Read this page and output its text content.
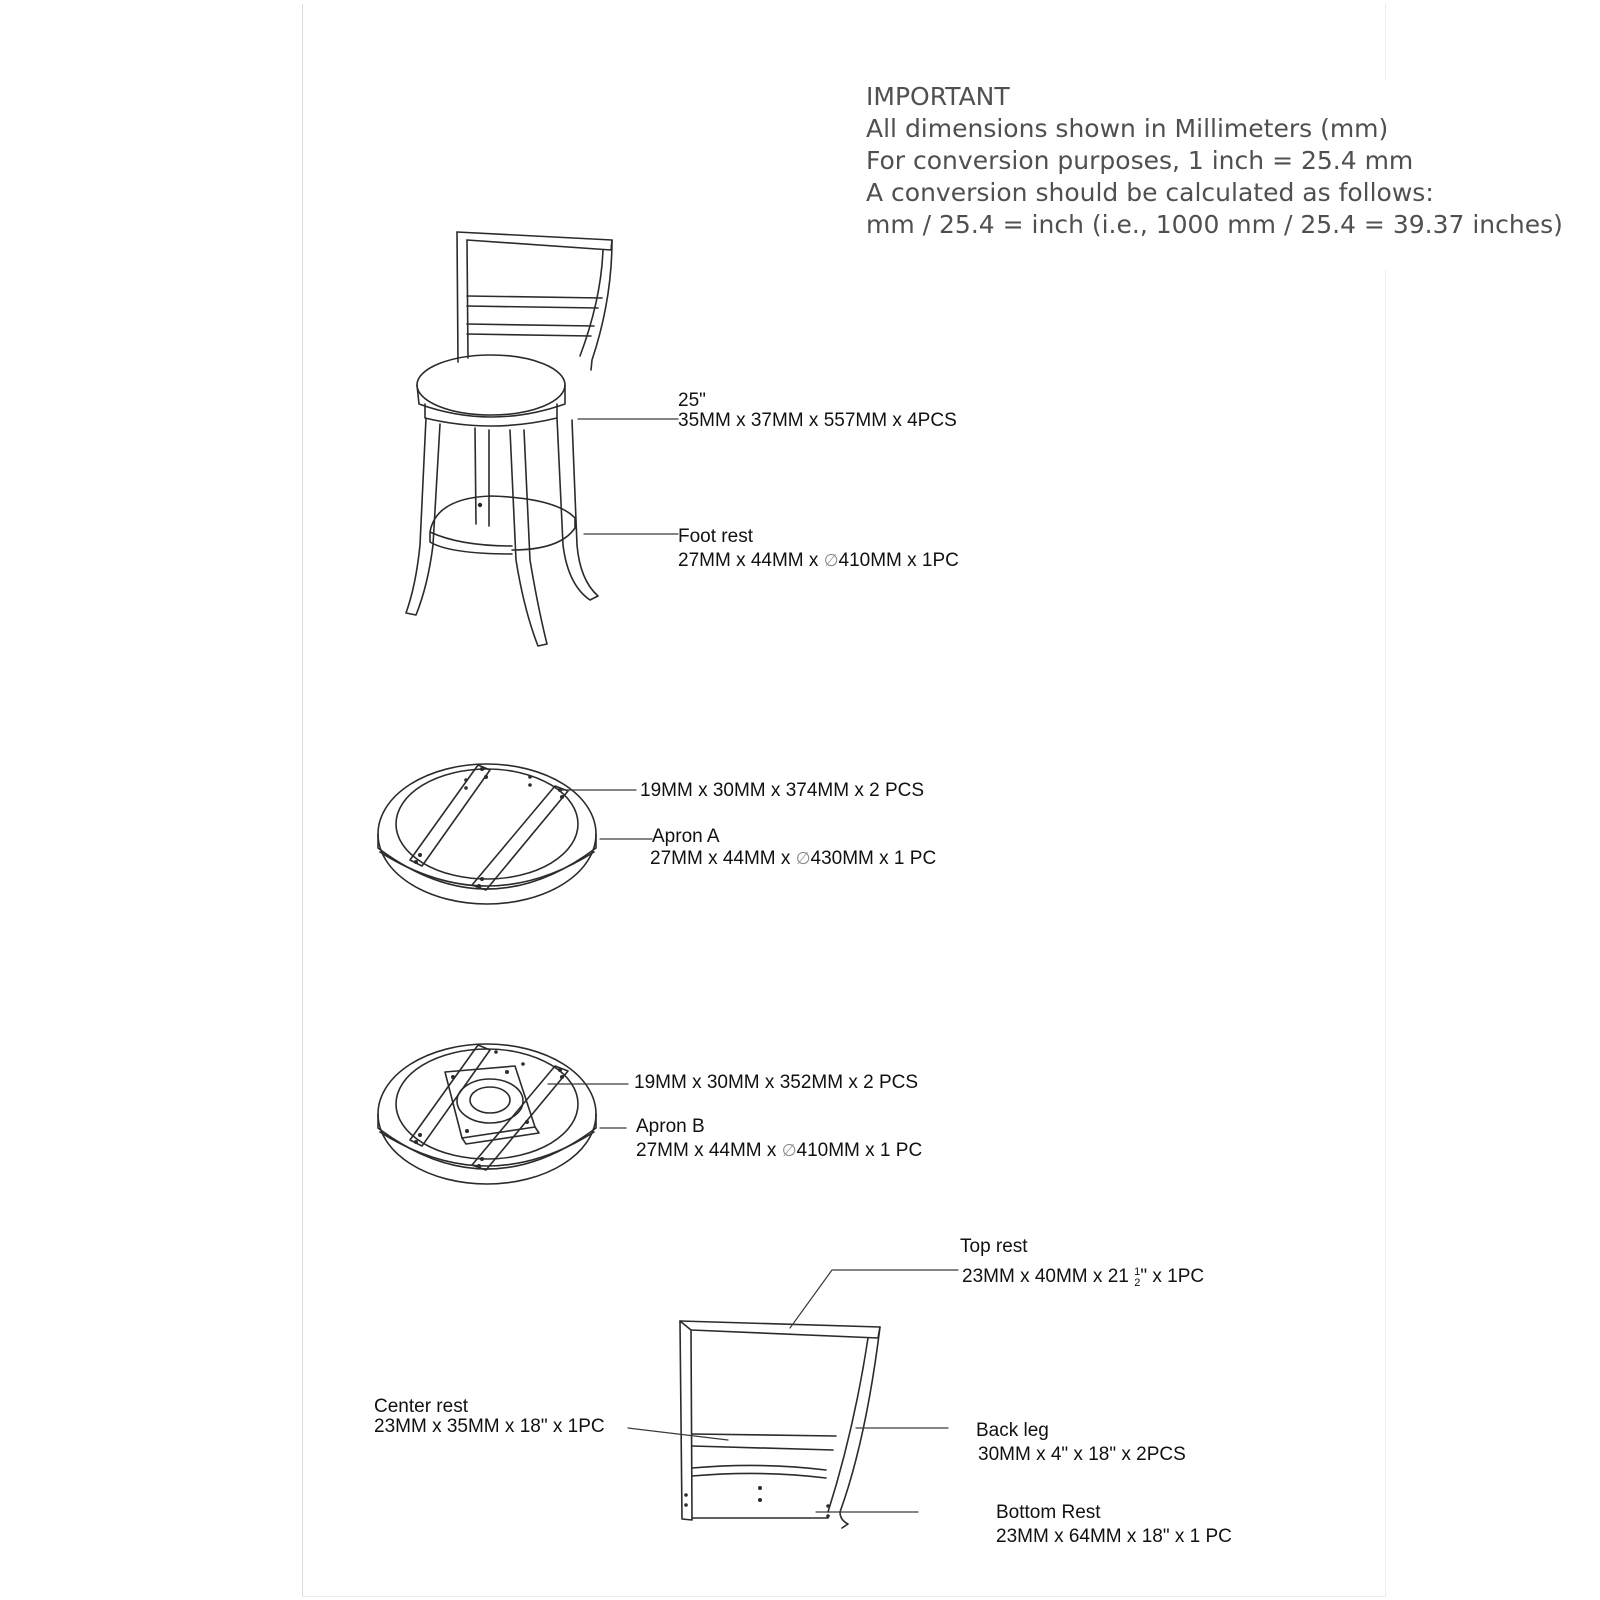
IMPORTANT
All dimensions shown in Millimeters (mm)
For conversion purposes, 1 inch = 25.4 mm
A conversion should be calculated as follows:
mm / 25.4 = inch (i.e., 1000 mm / 25.4 = 39.37 inches)
25"
35MM x 37MM x 557MM x 4PCS
Foot rest
27MM x 44MM x ∅410MM x 1PC
19MM x 30MM x 374MM x 2 PCS
Apron A
27MM x 44MM x ∅430MM x 1 PC
19MM x 30MM x 352MM x 2 PCS
Apron B
27MM x 44MM x ∅410MM x 1 PC
Top rest
23MM x 40MM x 21 12" x 1PC
Center rest
23MM x 35MM x 18" x 1PC	Back leg
30MM x 4" x 18" x 2PCS
Bottom Rest
23MM x 64MM x 18" x 1 PC
